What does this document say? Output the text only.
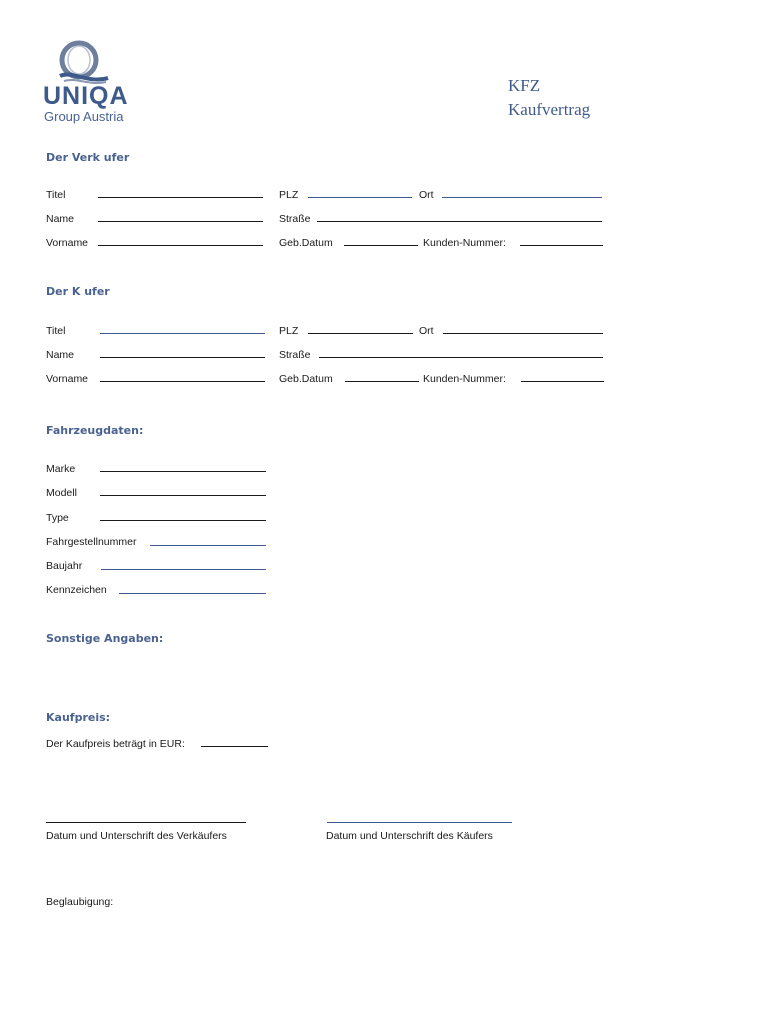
UNIQA
Group Austria
KFZ
Kaufvertrag
Der Verk ufer
Titel	PLZ	Ort
Name	Straße
Vorname	Geb.Datum	Kunden-Nummer:
Der K ufer
Titel	PLZ	Ort
Name	Straße
Vorname	Geb.Datum	Kunden-Nummer:
Fahrzeugdaten:
Marke
Modell
Type
Fahrgestellnummer
Baujahr
Kennzeichen
Sonstige Angaben:
Kaufpreis:
Der Kaufpreis beträgt in EUR:
Datum und Unterschrift des Verkäufers	Datum und Unterschrift des Käufers
Beglaubigung:
